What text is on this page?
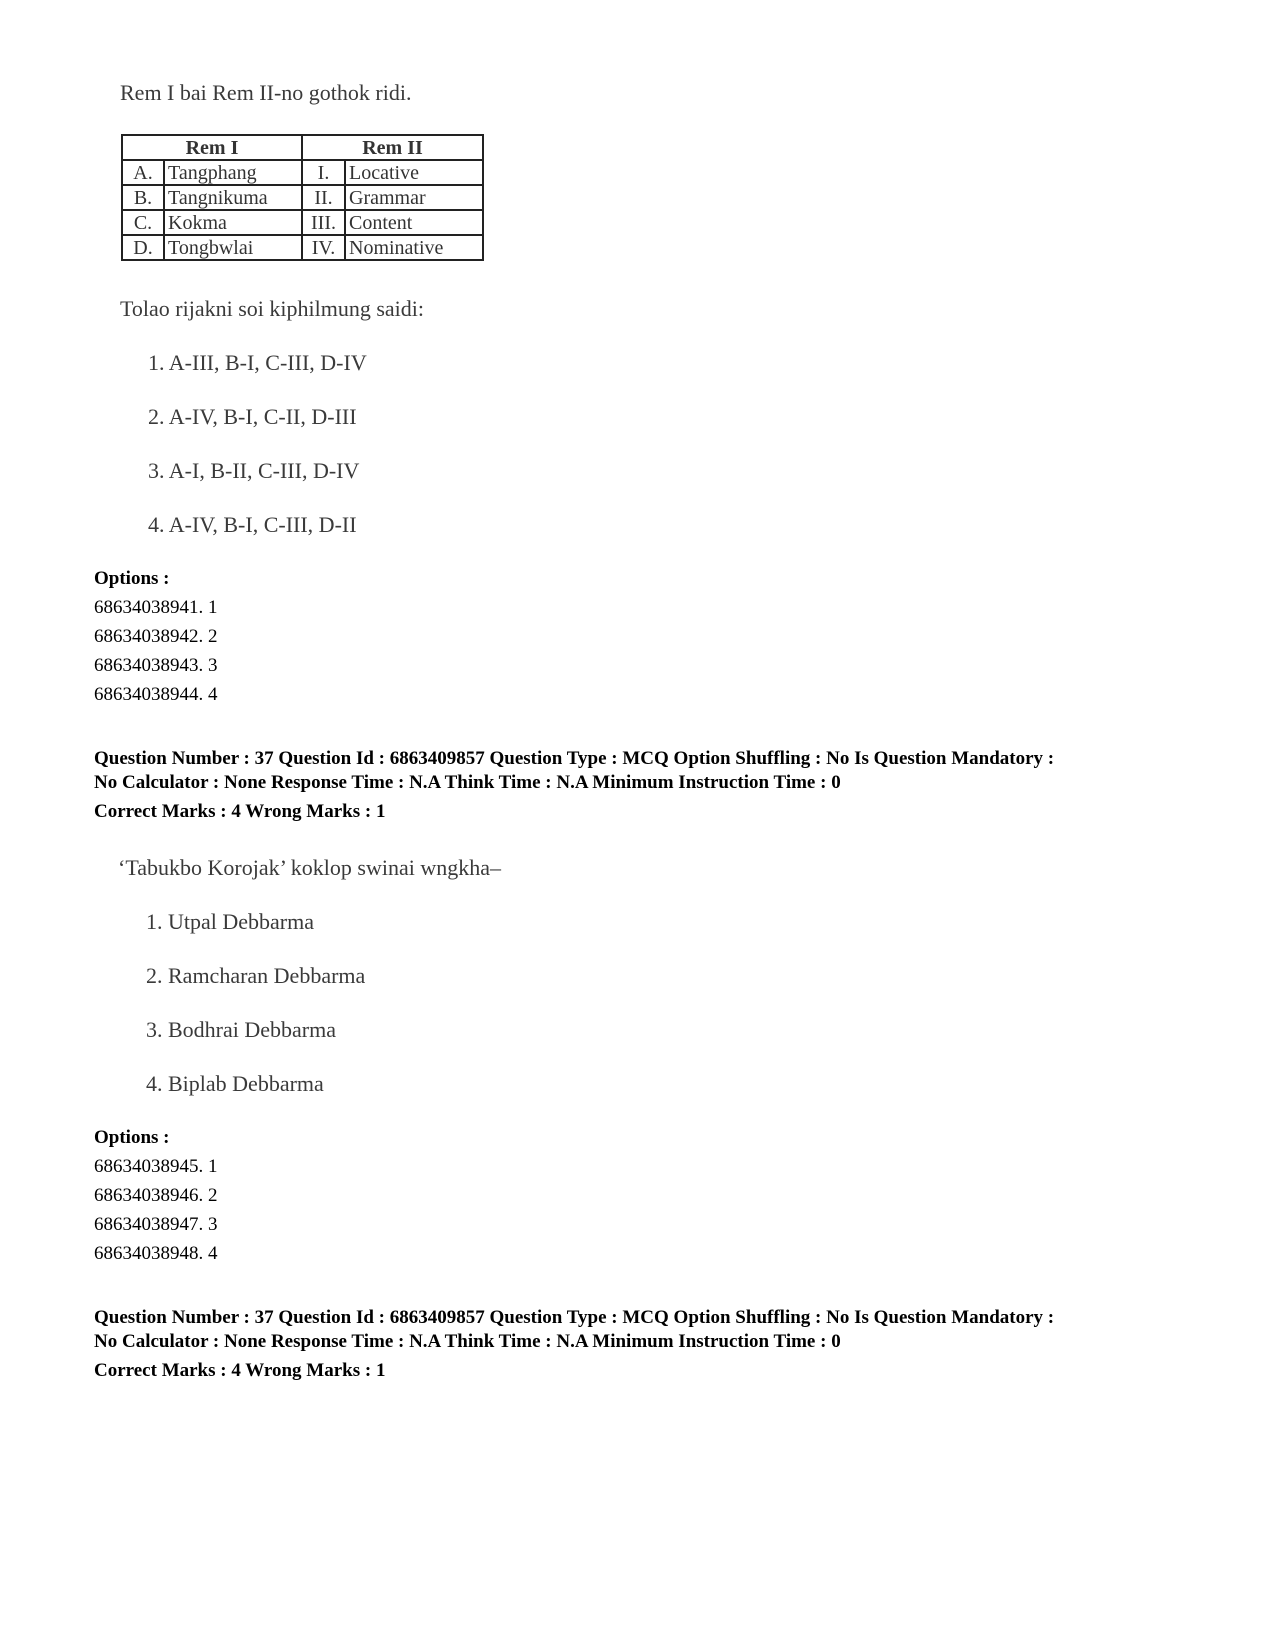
Rem I bai Rem II-no gothok ridi.
Rem I		Rem II	
A.	Tangphang	I.	Locative
B.	Tangnikuma	II.	Grammar
C.	Kokma	III.	Content
D.	Tongbwlai	IV.	Nominative
Tolao rijakni soi kiphilmung saidi:
1. A-III, B-I, C-III, D-IV
2. A-IV, B-I, C-II, D-III
3. A-I, B-II, C-III, D-IV
4. A-IV, B-I, C-III, D-II
Options :
68634038941. 1
68634038942. 2
68634038943. 3
68634038944. 4
Question Number : 37 Question Id : 6863409857 Question Type : MCQ Option Shuffling : No Is Question Mandatory :
No Calculator : None Response Time : N.A Think Time : N.A Minimum Instruction Time : 0
Correct Marks : 4 Wrong Marks : 1
‘Tabukbo Korojak’ koklop swinai wngkha–
1. Utpal Debbarma
2. Ramcharan Debbarma
3. Bodhrai Debbarma
4. Biplab Debbarma
Options :
68634038945. 1
68634038946. 2
68634038947. 3
68634038948. 4
Question Number : 37 Question Id : 6863409857 Question Type : MCQ Option Shuffling : No Is Question Mandatory :
No Calculator : None Response Time : N.A Think Time : N.A Minimum Instruction Time : 0
Correct Marks : 4 Wrong Marks : 1
